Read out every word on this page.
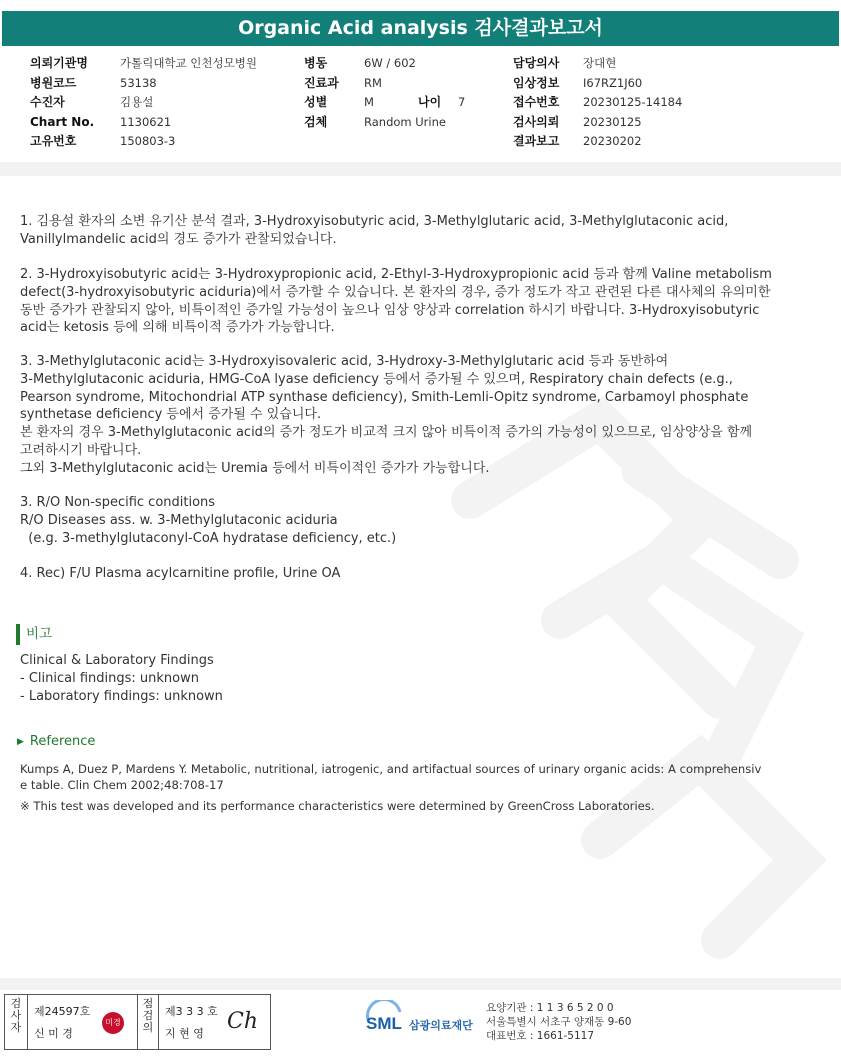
Organic Acid analysis 검사결과보고서
의뢰기관명	가톨릭대학교 인천성모병원
병원코드	53138
수진자	김용설
Chart No.	1130621
고유번호	150803-3
병동	6W / 602
진료과	RM
성별	M	나이	7
검체	Random Urine
담당의사	장대현
임상정보	I67RZ1J60
접수번호	20230125-14184
검사의뢰	20230125
결과보고	20230202
1. 김용설 환자의 소변 유기산 분석 결과, 3-Hydroxyisobutyric acid, 3-Methylglutaric acid, 3-Methylglutaconic acid,
Vanillylmandelic acid의 경도 증가가 관찰되었습니다.
2. 3-Hydroxyisobutyric acid는 3-Hydroxypropionic acid, 2-Ethyl-3-Hydroxypropionic acid 등과 함께 Valine metabolism
defect(3-hydroxyisobutyric aciduria)에서 증가할 수 있습니다. 본 환자의 경우, 증가 정도가 작고 관련된 다른 대사체의 유의미한
동반 증가가 관찰되지 않아, 비특이적인 증가일 가능성이 높으나 임상 양상과 correlation 하시기 바랍니다. 3-Hydroxyisobutyric
acid는 ketosis 등에 의해 비특이적 증가가 가능합니다.
3. 3-Methylglutaconic acid는 3-Hydroxyisovaleric acid, 3-Hydroxy-3-Methylglutaric acid 등과 동반하여
3-Methylglutaconic aciduria, HMG-CoA lyase deficiency 등에서 증가될 수 있으며, Respiratory chain defects (e.g.,
Pearson syndrome, Mitochondrial ATP synthase deficiency), Smith-Lemli-Opitz syndrome, Carbamoyl phosphate
synthetase deficiency 등에서 증가될 수 있습니다.
본 환자의 경우 3-Methylglutaconic acid의 증가 정도가 비교적 크지 않아 비특이적 증가의 가능성이 있으므로, 임상양상을 함께
고려하시기 바랍니다.
그외 3-Methylglutaconic acid는 Uremia 등에서 비특이적인 증가가 가능합니다.
3. R/O Non-specific conditions
R/O Diseases ass. w. 3-Methylglutaconic aciduria
(e.g. 3-methylglutaconyl-CoA hydratase deficiency, etc.)
4. Rec) F/U Plasma acylcarnitine profile, Urine OA
비고
Clinical & Laboratory Findings
- Clinical findings: unknown
- Laboratory findings: unknown
▶ Reference
Kumps A, Duez P, Mardens Y. Metabolic, nutritional, iatrogenic, and artifactual sources of urinary organic acids: A comprehensiv
e table. Clin Chem 2002;48:708-17
※ This test was developed and its performance characteristics were determined by GreenCross Laboratories.
검
사
자
제24597호
신 미 경
미경
점
검
의
제3 3 3 호
지 현 영 Ch	SML 삼광의료재단
요양기관 : 1 1 3 6 5 2 0 0
서울특별시 서초구 양재동 9-60
대표번호 : 1661-5117
